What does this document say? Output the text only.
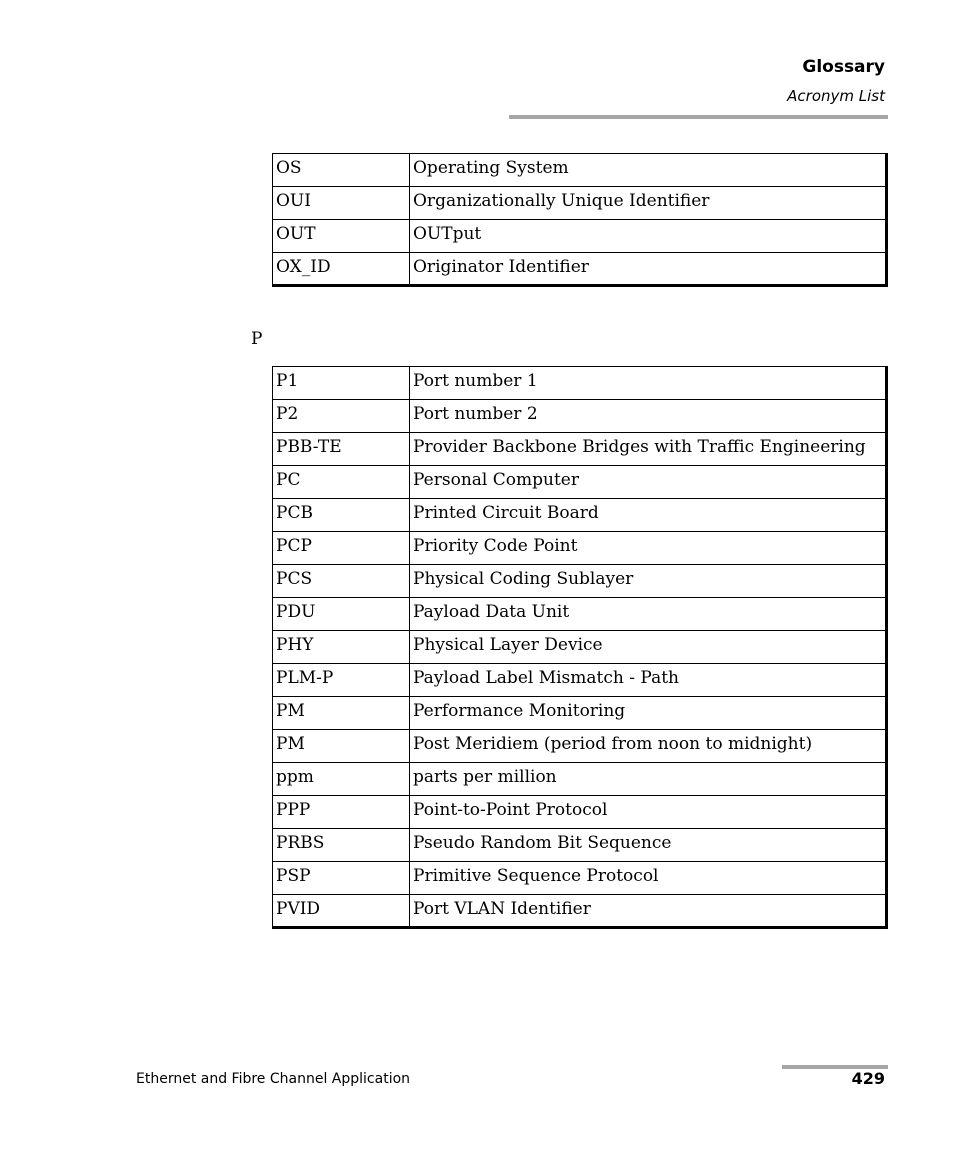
Glossary
Acronym List
OS	Operating System
OUI	Organizationally Unique Identifier
OUT	OUTput
OX_ID	Originator Identifier
P
P1	Port number 1
P2	Port number 2
PBB-TE	Provider Backbone Bridges with Traffic Engineering
PC	Personal Computer
PCB	Printed Circuit Board
PCP	Priority Code Point
PCS	Physical Coding Sublayer
PDU	Payload Data Unit
PHY	Physical Layer Device
PLM-P	Payload Label Mismatch - Path
PM	Performance Monitoring
PM	Post Meridiem (period from noon to midnight)
ppm	parts per million
PPP	Point-to-Point Protocol
PRBS	Pseudo Random Bit Sequence
PSP	Primitive Sequence Protocol
PVID	Port VLAN Identifier
Ethernet and Fibre Channel Application	429
